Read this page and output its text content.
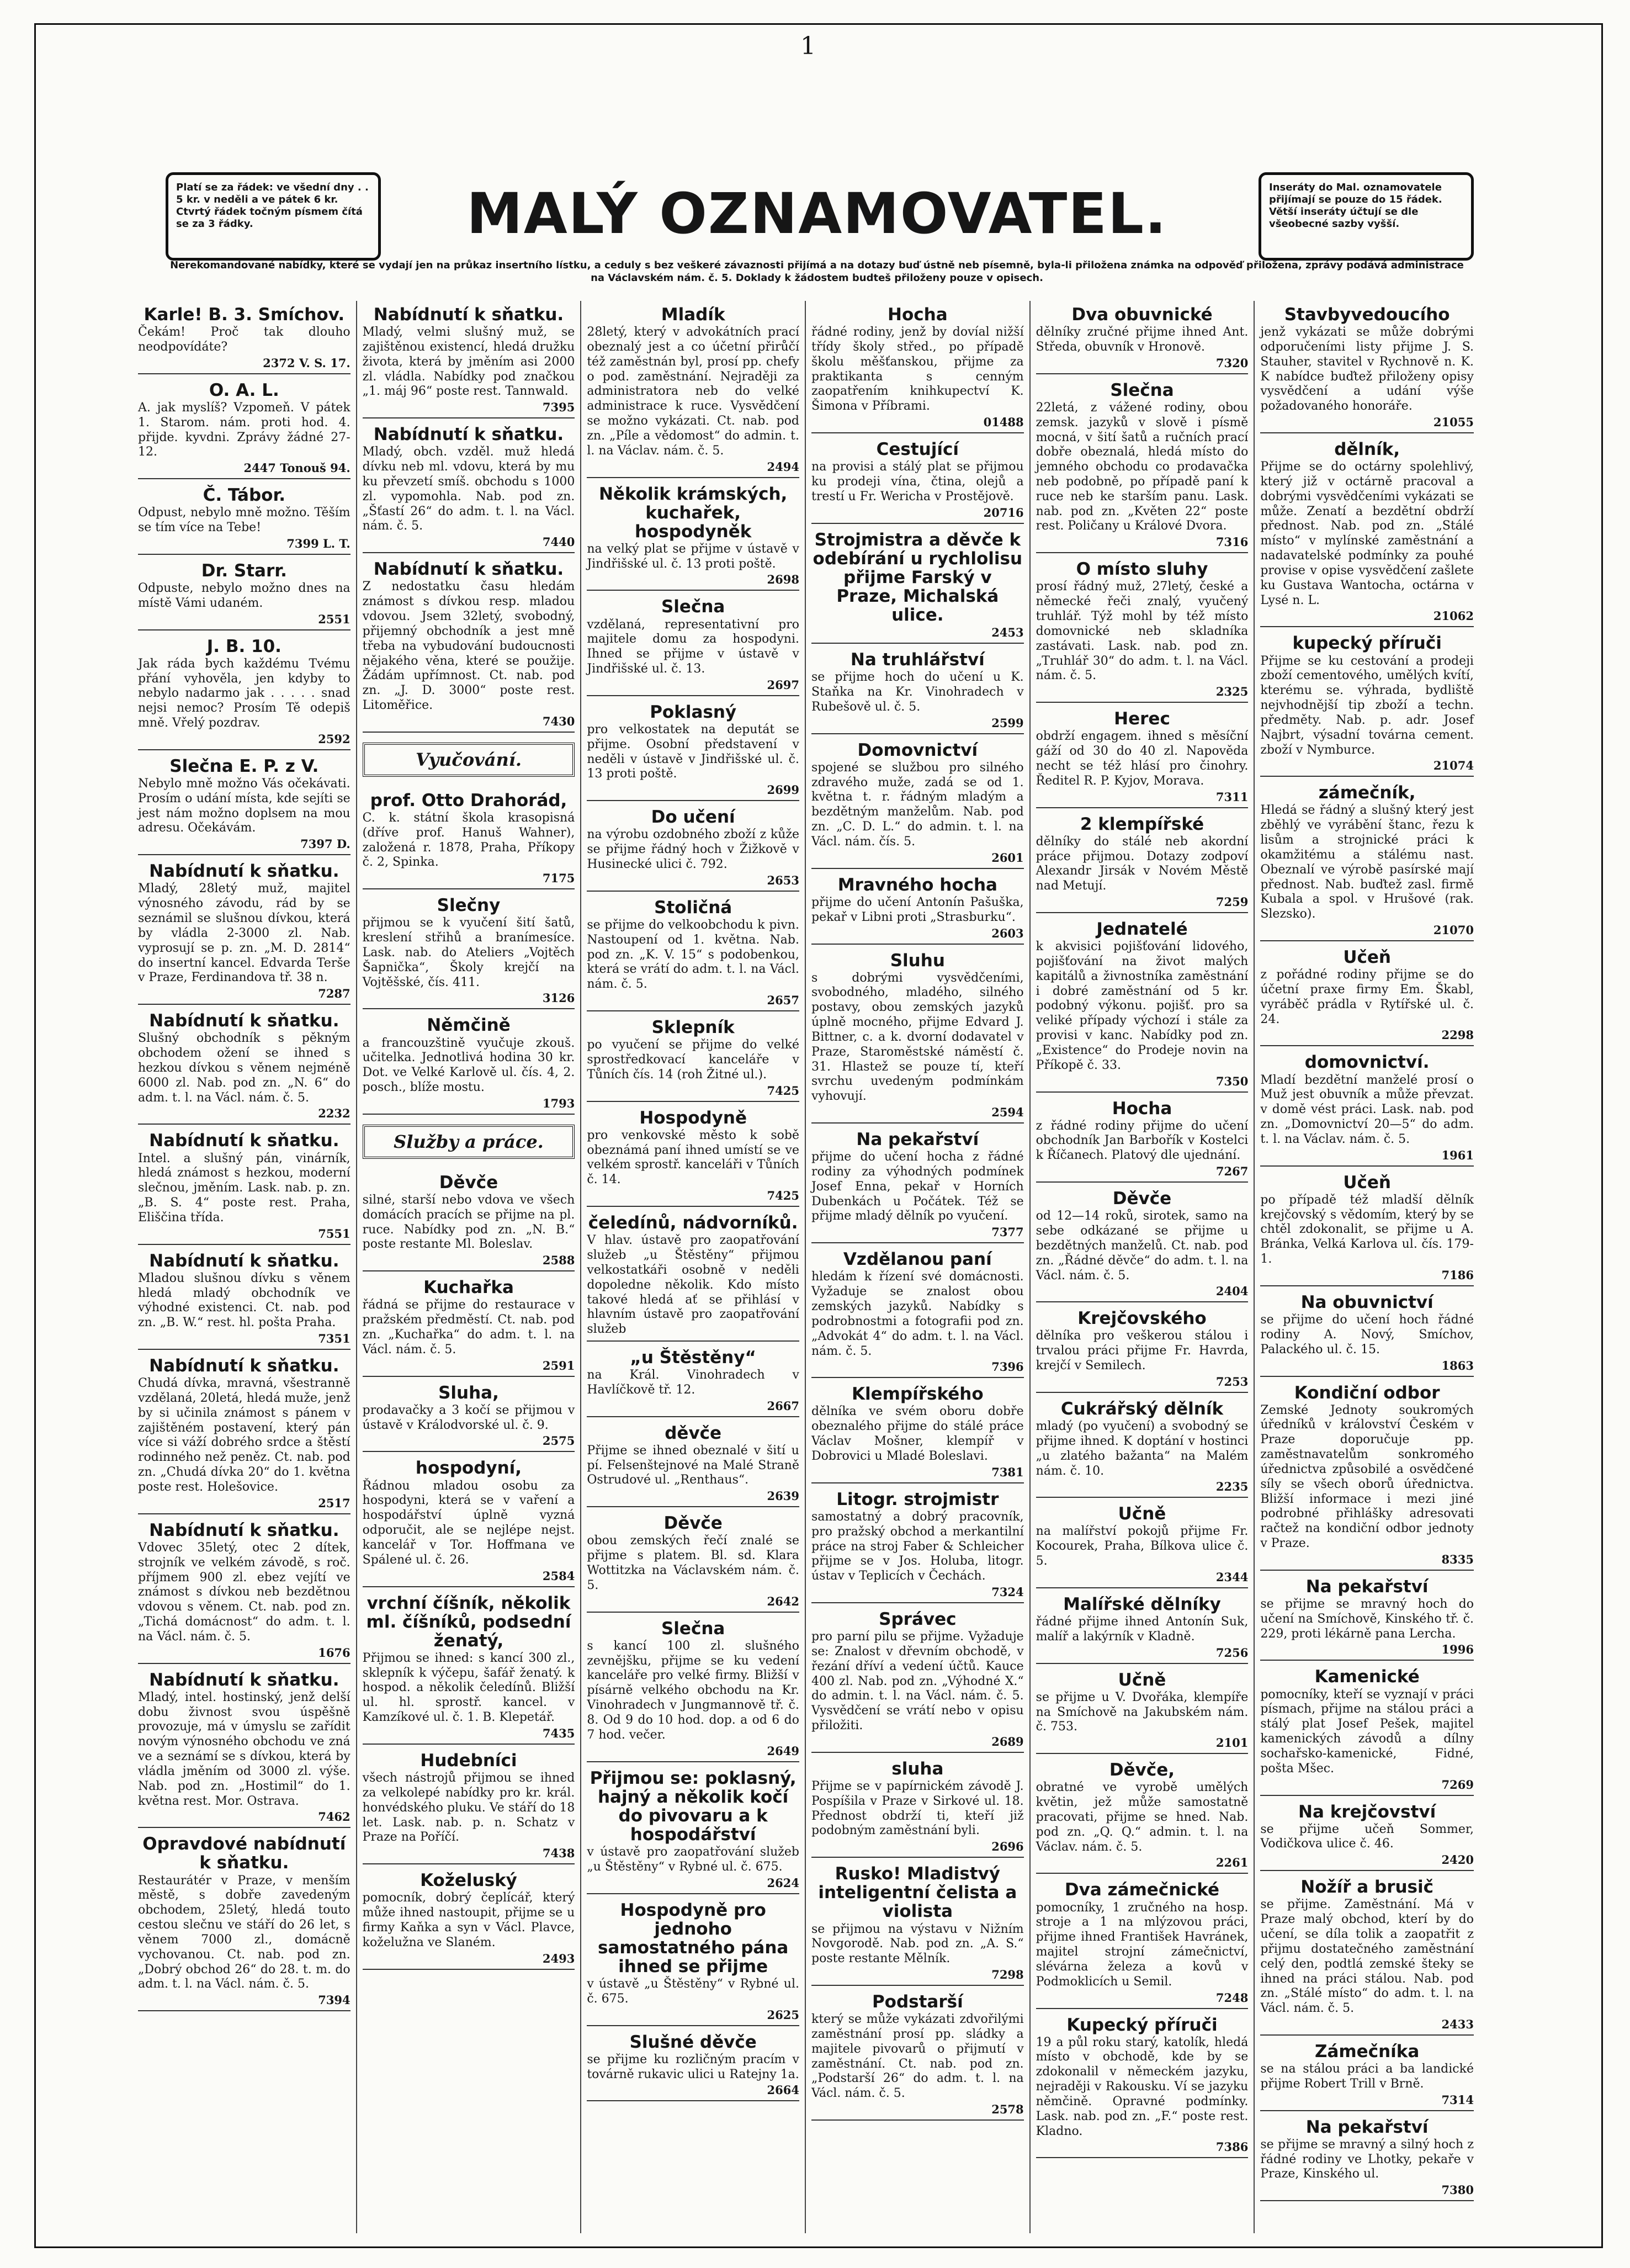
1
Platí se za řádek: ve všední dny . . 5 kr. v neděli a ve pátek 6 kr. Ctvrtý řádek točným písmem čítá se za 3 řádky.	MALÝ OZNAMOVATEL.	Inseráty do Mal. oznamovatele přijímají se pouze do 15 řádek. Větší inseráty účtují se dle všeobecné sazby vyšší.
Nerekomandované nabídky, které se vydají jen na průkaz insertního lístku, a ceduly s bez veškeré závaznosti přijímá a na dotazy buď ústně neb písemně, byla-li přiložena známka na odpověď přiložena, zprávy podává administrace na Václavském nám. č. 5. Doklady k žádostem budteš přiloženy pouze v opisech.
Karle! B. 3. Smíchov.
Čekám! Proč tak dlouho neodpovídáte?
2372 V. S. 17.
O. A. L.
A. jak myslíš? Vzpomeň. V pátek 1. Starom. nám. proti hod. 4. přijde. kyvdni. Zprávy žádné 27-12.
2447 Tonouš 94.
Č. Tábor.
Odpust, nebylo mně možno. Těším se tím více na Tebe!
7399 L. T.
Dr. Starr.
Odpuste, nebylo možno dnes na místě Vámi udaném.
2551
J. B. 10.
Jak ráda bych každému Tvému přání vyhověla, jen kdyby to nebylo nadarmo jak . . . . . snad nejsi nemoc? Prosím Tě odepiš mně. Vřelý pozdrav.
2592
Slečna E. P. z V.
Nebylo mně možno Vás očekávati. Prosím o udání místa, kde sejíti se jest nám možno doplsem na mou adresu. Očekávám.
7397 D.
Nabídnutí k sňatku.
Mladý, 28letý muž, majitel výnosného závodu, rád by se seznámil se slušnou dívkou, která by vládla 2-3000 zl. Nab. vyprosují se p. zn. „M. D. 2814“ do insertní kancel. Edvarda Terše v Praze, Ferdinandova tř. 38 n.
7287
Nabídnutí k sňatku.
Slušný obchodník s pěkným obchodem ožení se ihned s hezkou dívkou s věnem nejméně 6000 zl. Nab. pod zn. „N. 6“ do adm. t. l. na Václ. nám. č. 5.
2232
Nabídnutí k sňatku.
Intel. a slušný pán, vinárník, hledá známost s hezkou, moderní slečnou, jměním. Lask. nab. p. zn. „B. S. 4“ poste rest. Praha, Eliščina třída.
7551
Nabídnutí k sňatku.
Mladou slušnou dívku s věnem hledá mladý obchodník ve výhodné existenci. Ct. nab. pod zn. „B. W.“ rest. hl. pošta Praha.
7351
Nabídnutí k sňatku.
Chudá dívka, mravná, všestranně vzdělaná, 20letá, hledá muže, jenž by si učinila známost s pánem v zajištěném postavení, který pán více si váží dobrého srdce a štěstí rodinného než peněz. Ct. nab. pod zn. „Chudá dívka 20“ do 1. května poste rest. Holešovice.
2517
Nabídnutí k sňatku.
Vdovec 35letý, otec 2 dítek, strojník ve velkém závodě, s roč. příjmem 900 zl. ebez vejítí ve známost s dívkou neb bezdětnou vdovou s věnem. Ct. nab. pod zn. „Tichá domácnost“ do adm. t. l. na Václ. nám. č. 5.
1676
Nabídnutí k sňatku.
Mladý, intel. hostinský, jenž delší dobu živnost svou úspěšně provozuje, má v úmyslu se zařídit novým výnosného obchodu ve zná ve a seznámí se s dívkou, která by vládla jměním od 3000 zl. výše. Nab. pod zn. „Hostimil“ do 1. května rest. Mor. Ostrava.
7462
Opravdové nabídnutí k sňatku.
Restaurátér v Praze, v menším městě, s dobře zavedeným obchodem, 25letý, hledá touto cestou slečnu ve stáří do 26 let, s věnem 7000 zl., domácně vychovanou. Ct. nab. pod zn. „Dobrý obchod 26“ do 28. t. m. do adm. t. l. na Václ. nám. č. 5.
7394
Nabídnutí k sňatku.
Mladý, velmi slušný muž, se zajištěnou existencí, hledá družku života, která by jměním asi 2000 zl. vládla. Nabídky pod značkou „1. máj 96“ poste rest. Tannwald.
7395
Nabídnutí k sňatku.
Mladý, obch. vzděl. muž hledá dívku neb ml. vdovu, která by mu ku převzetí smíš. obchodu s 1000 zl. vypomohla. Nab. pod zn. „Šťastí 26“ do adm. t. l. na Václ. nám. č. 5.
7440
Nabídnutí k sňatku.
Z nedostatku času hledám známost s dívkou resp. mladou vdovou. Jsem 32letý, svobodný, přijemný obchodník a jest mně třeba na vybudování budoucnosti nějakého věna, které se použije. Žádám upřímnost. Ct. nab. pod zn. „J. D. 3000“ poste rest. Litoměřice.
7430
Vyučování.
prof. Otto Drahorád,
C. k. státní škola krasopisná (dříve prof. Hanuš Wahner), založená r. 1878, Praha, Příkopy č. 2, Spinka.
7175
Slečny
přijmou se k vyučení šití šatů, kreslení střihů a branímesíce. Lask. nab. do Ateliers „Vojtěch Šapnička“, Školy krejčí na Vojtěšské, čís. 411.
3126
Němčině
a francouzštině vyučuje zkouš. učitelka. Jednotlivá hodina 30 kr. Dot. ve Velké Karlově ul. čís. 4, 2. posch., blíže mostu.
1793
Služby a práce.
Děvče
silné, starší nebo vdova ve všech domácích pracích se přijme na pl. ruce. Nabídky pod zn. „N. B.“ poste restante Ml. Boleslav.
2588
Kuchařka
řádná se přijme do restaurace v pražském předměstí. Ct. nab. pod zn. „Kuchařka“ do adm. t. l. na Václ. nám. č. 5.
2591
Sluha,
prodavačky a 3 kočí se přijmou v ústavě v Králodvorské ul. č. 9.
2575
hospodyní,
Řádnou mladou osobu za hospodyni, která se v vaření a hospodářství úplně vyzná odporučit, ale se nejlépe nejst. kancelář v Tor. Hoffmana ve Spálené ul. č. 26.
2584
vrchní číšník, několik ml. číšníků, podsední ženatý,
Přijmou se ihned: s kancí 300 zl., sklepník k výčepu, šafář ženatý. k hospod. a několik čeledínů. Bližší ul. hl. sprostř. kancel. v Kamzíkové ul. č. 1. B. Klepetář.
7435
Hudebníci
všech nástrojů přijmou se ihned za velkolepé nabídky pro kr. král. honvédského pluku. Ve stáří do 18 let. Lask. nab. p. n. Schatz v Praze na Poříčí.
7438
Koželuský
pomocník, dobrý čeplícář, který může ihned nastoupit, přijme se u firmy Kaňka a syn v Václ. Plavce, koželužna ve Slaném.
2493
Mladík
28letý, který v advokátních prací obeznalý jest a co účetní přirůčí též zaměstnán byl, prosí pp. chefy o pod. zaměstnání. Nejraději za administratora neb do velké administrace k ruce. Vysvědčení se možno vykázati. Ct. nab. pod zn. „Píle a vědomost“ do admin. t. l. na Václav. nám. č. 5.
2494
Několik krámských, kuchařek, hospodyněk
na velký plat se přijme v ústavě v Jindřišské ul. č. 13 proti poště.
2698
Slečna
vzdělaná, representativní pro majitele domu za hospodyni. Ihned se přijme v ústavě v Jindřišské ul. č. 13.
2697
Poklasný
pro velkostatek na deputát se přijme. Osobní představení v neděli v ústavě v Jindřišské ul. č. 13 proti poště.
2699
Do učení
na výrobu ozdobného zboží z kůže se přijme řádný hoch v Žižkově v Husinecké ulici č. 792.
2653
Stoličná
se přijme do velkoobchodu k pivn. Nastoupení od 1. května. Nab. pod zn. „K. V. 15“ s podobenkou, která se vrátí do adm. t. l. na Václ. nám. č. 5.
2657
Sklepník
po vyučení se přijme do velké sprostředkovací kanceláře v Tůních čís. 14 (roh Žitné ul.).
7425
Hospodyně
pro venkovské město k sobě obeznámá paní ihned umístí se ve velkém sprostř. kanceláři v Tůních č. 14.
7425
čeledínů, nádvorníků.
V hlav. ústavě pro zaopatřování služeb „u Štěstěny“ přijmou velkostatkáři osobně v neděli dopoledne několik. Kdo místo takové hledá ať se přihlásí v hlavním ústavě pro zaopatřování služeb
„u Štěstěny“
na Král. Vinohradech v Havlíčkově tř. 12.
2667
děvče
Přijme se ihned obeznalé v šití u pí. Felsenštejnové na Malé Straně Ostrudové ul. „Renthaus“.
2639
Děvče
obou zemských řečí znalé se přijme s platem. Bl. sd. Klara Wottitzka na Václavském nám. č. 5.
2642
Slečna
s kancí 100 zl. slušného zevnějšku, přijme se ku vedení kanceláře pro velké firmy. Bližší v písárně velkého obchodu na Kr. Vinohradech v Jungmannově tř. č. 8. Od 9 do 10 hod. dop. a od 6 do 7 hod. večer.
2649
Přijmou se: poklasný, hajný a několik kočí do pivovaru a k hospodářství
v ústavě pro zaopatřování služeb „u Štěstěny“ v Rybné ul. č. 675.
2624
Hospodyně pro jednoho samostatného pána ihned se přijme
v ústavě „u Štěstěny“ v Rybné ul. č. 675.
2625
Slušné děvče
se přijme ku rozličným pracím v továrně rukavic ulici u Ratejny 1a.
2664
Hocha
řádné rodiny, jenž by dovíal nižší třídy školy střed., po případě školu měšťanskou, přijme za praktikanta s cenným zaopatřením knihkupectví K. Šimona v Příbrami.
01488
Cestující
na provisi a stálý plat se přijmou ku prodeji vína, čtina, olejů a trestí u Fr. Wericha v Prostějově.
20716
Strojmistra a děvče k odebírání u rychlolisu přijme Farský v Praze, Michalská ulice.
2453
Na truhlářství
se přijme hoch do učení u K. Staňka na Kr. Vinohradech v Rubešově ul. č. 5.
2599
Domovnictví
spojené se službou pro silného zdravého muže, zadá se od 1. května t. r. řádným mladým a bezdětným manželům. Nab. pod zn. „C. D. L.“ do admin. t. l. na Václ. nám. čís. 5.
2601
Mravného hocha
přijme do učení Antonín Pašuška, pekař v Libni proti „Strasburku“.
2603
Sluhu
s dobrými vysvědčeními, svobodného, mladého, silného postavy, obou zemských jazyků úplně mocného, přijme Edvard J. Bittner, c. a k. dvorní dodavatel v Praze, Staroměstské náměstí č. 31. Hlastež se pouze tí, kteří svrchu uvedeným podmínkám vyhovují.
2594
Na pekařství
přijme do učení hocha z řádné rodiny za výhodných podmínek Josef Enna, pekař v Horních Dubenkách u Počátek. Též se přijme mladý dělník po vyučení.
7377
Vzdělanou paní
hledám k řízení své domácnosti. Vyžaduje se znalost obou zemských jazyků. Nabídky s podrobnostmi a fotografii pod zn. „Advokát 4“ do adm. t. l. na Václ. nám. č. 5.
7396
Klempířského
dělníka ve svém oboru dobře obeznalého přijme do stálé práce Václav Mošner, klempíř v Dobrovici u Mladé Boleslavi.
7381
Litogr. strojmistr
samostatný a dobrý pracovník, pro pražský obchod a merkantilní práce na stroj Faber & Schleicher přijme se v Jos. Holuba, litogr. ústav v Teplicích v Čechách.
7324
Správec
pro parní pilu se přijme. Vyžaduje se: Znalost v dřevním obchodě, v řezání dříví a vedení účtů. Kauce 400 zl. Nab. pod zn. „Výhodné X.“ do admin. t. l. na Václ. nám. č. 5. Vysvědčení se vrátí nebo v opisu přiložiti.
2689
sluha
Přijme se v papírnickém závodě J. Pospíšila v Praze v Sirkové ul. 18. Přednost obdrží ti, kteří již podobným zaměstnání byli.
2696
Rusko! Mladistvý inteligentní čelista a violista
se přijmou na výstavu v Nižním Novgorodě. Nab. pod zn. „A. S.“ poste restante Mělník.
7298
Podstarší
který se může vykázati zdvořilými zaměstnání prosí pp. sládky a majitele pivovarů o přijmutí v zaměstnání. Ct. nab. pod zn. „Podstarší 26“ do adm. t. l. na Václ. nám. č. 5.
2578
Dva obuvnické
dělníky zručné přijme ihned Ant. Středa, obuvník v Hronově.
7320
Slečna
22letá, z vážené rodiny, obou zemsk. jazyků v slově i písmě mocná, v šití šatů a ručních prací dobře obeznalá, hledá místo do jemného obchodu co prodavačka neb podobně, po případě paní k ruce neb ke starším panu. Lask. nab. pod zn. „Květen 22“ poste rest. Poličany u Králové Dvora.
7316
O místo sluhy
prosí řádný muž, 27letý, české a německé řeči znalý, vyučený truhlář. Týž mohl by též místo domovnické neb skladníka zastávati. Lask. nab. pod zn. „Truhlář 30“ do adm. t. l. na Václ. nám. č. 5.
2325
Herec
obdrží engagem. ihned s měsíční gáží od 30 do 40 zl. Napověda necht se též hlásí pro činohry. Ředitel R. P. Kyjov, Morava.
7311
2 klempířské
dělníky do stálé neb akordní práce přijmou. Dotazy zodpoví Alexandr Jirsák v Novém Městě nad Metují.
7259
Jednatelé
k akvisici pojišťování lidového, pojišťování na život malých kapitálů a živnostníka zaměstnání i dobré zaměstnání od 5 kr. podobný výkonu. pojišť. pro sa veliké případy výchozí i stále za provisi v kanc. Nabídky pod zn. „Existence“ do Prodeje novin na Příkopě č. 33.
7350
Hocha
z řádné rodiny přijme do učení obchodník Jan Barbořík v Kostelci k Říčanech. Platový dle ujednání.
7267
Děvče
od 12—14 roků, sirotek, samo na sebe odkázané se přijme u bezdětných manželů. Ct. nab. pod zn. „Řádné děvče“ do adm. t. l. na Václ. nám. č. 5.
2404
Krejčovského
dělníka pro veškerou stálou i trvalou práci přijme Fr. Havrda, krejčí v Semilech.
7253
Cukrářský dělník
mladý (po vyučení) a svobodný se přijme ihned. K doptání v hostinci „u zlatého bažanta“ na Malém nám. č. 10.
2235
Učně
na malířství pokojů přijme Fr. Kocourek, Praha, Bílkova ulice č. 5.
2344
Malířské dělníky
řádné přijme ihned Antonín Suk, malíř a lakýrník v Kladně.
7256
Učně
se přijme u V. Dvořáka, klempíře na Smíchově na Jakubském nám. č. 753.
2101
Děvče,
obratné ve vyrobě umělých květin, jež může samostatně pracovati, přijme se hned. Nab. pod zn. „Q. Q.“ admin. t. l. na Václav. nám. č. 5.
2261
Dva zámečnické
pomocníky, 1 zručného na hosp. stroje a 1 na mlýzovou práci, přijme ihned František Havránek, majitel strojní zámečnictví, slévárna železa a kovů v Podmoklicích u Semil.
7248
Kupecký příruči
19 a půl roku starý, katolík, hledá místo v obchodě, kde by se zdokonalil v německém jazyku, nejraději v Rakousku. Ví se jazyku němčině. Opravné podmínky. Lask. nab. pod zn. „F.“ poste rest. Kladno.
7386
Stavbyvedoucího
jenž vykázati se může dobrými odporučeními listy přijme J. S. Stauher, stavitel v Rychnově n. K. K nabídce buďtež přiloženy opisy vysvědčení a udání výše požadovaného honoráře.
21055
dělník,
Přijme se do octárny spolehlivý, který již v octárně pracoval a dobrými vysvědčeními vykázati se může. Zenatí a bezdětní obdrží přednost. Nab. pod zn. „Stálé místo“ v mylínské zaměstnání a nadavatelské podmínky za pouhé provise v opise vysvědčení zašlete ku Gustava Wantocha, octárna v Lysé n. L.
21062
kupecký příruči
Přijme se ku cestování a prodeji zboží cementového, umělých kvítí, kterému se. výhrada, bydliště nejvhodnější tip zboží a techn. předměty. Nab. p. adr. Josef Najbrt, výsadní továrna cement. zboží v Nymburce.
21074
zámečník,
Hledá se řádný a slušný který jest zběhlý ve vyrábění štanc, řezu k lisům a strojnické práci k okamžitému a stálému nast. Obeznalí ve výrobě pasírské mají přednost. Nab. buďtež zasl. firmě Kubala a spol. v Hrušové (rak. Slezsko).
21070
Učeň
z pořádné rodiny přijme se do účetní praxe firmy Em. Škabl, vyráběč prádla v Rytířské ul. č. 24.
2298
domovnictví.
Mladí bezdětní manželé prosí o Muž jest obuvník a může převzat. v domě vést práci. Lask. nab. pod zn. „Domovnictví 20—5“ do adm. t. l. na Václav. nám. č. 5.
1961
Učeň
po případě též mladší dělník krejčovský s vědomím, který by se chtěl zdokonalit, se přijme u A. Bránka, Velká Karlova ul. čís. 179-1.
7186
Na obuvnictví
se přijme do učení hoch řádné rodiny A. Nový, Smíchov, Palackého ul. č. 15.
1863
Kondiční odbor
Zemské Jednoty soukromých úředníků v království Českém v Praze doporučuje pp. zaměstnavatelům sonkromého úřednictva způsobilé a osvědčené síly se všech oborů úřednictva. Bližší informace i mezi jiné podrobné přihlášky adresovati račtež na kondiční odbor jednoty v Praze.
8335
Na pekařství
se přijme se mravný hoch do učení na Smíchově, Kinského tř. č. 229, proti lékárně pana Lercha.
1996
Kamenické
pomocníky, kteří se vyznají v práci písmach, přijme na stálou práci a stálý plat Josef Pešek, majitel kamenických závodů a dílny sochařsko-kamenické, Fidné, pošta Mšec.
7269
Na krejčovství
se přijme učeň Sommer, Vodičkova ulice č. 46.
2420
Nožíř a brusič
se přijme. Zaměstnání. Má v Praze malý obchod, kterí by do učení, se díla tolik a zaopatřit z přijmu dostatečného zaměstnání celý den, podtlá zemské šteky se ihned na práci stálou. Nab. pod zn. „Stálé místo“ do adm. t. l. na Václ. nám. č. 5.
2433
Zámečníka
se na stálou práci a ba landické přijme Robert Trill v Brně.
7314
Na pekařství
se přijme se mravný a silný hoch z řádné rodiny ve Lhotky, pekaře v Praze, Kinského ul.
7380
